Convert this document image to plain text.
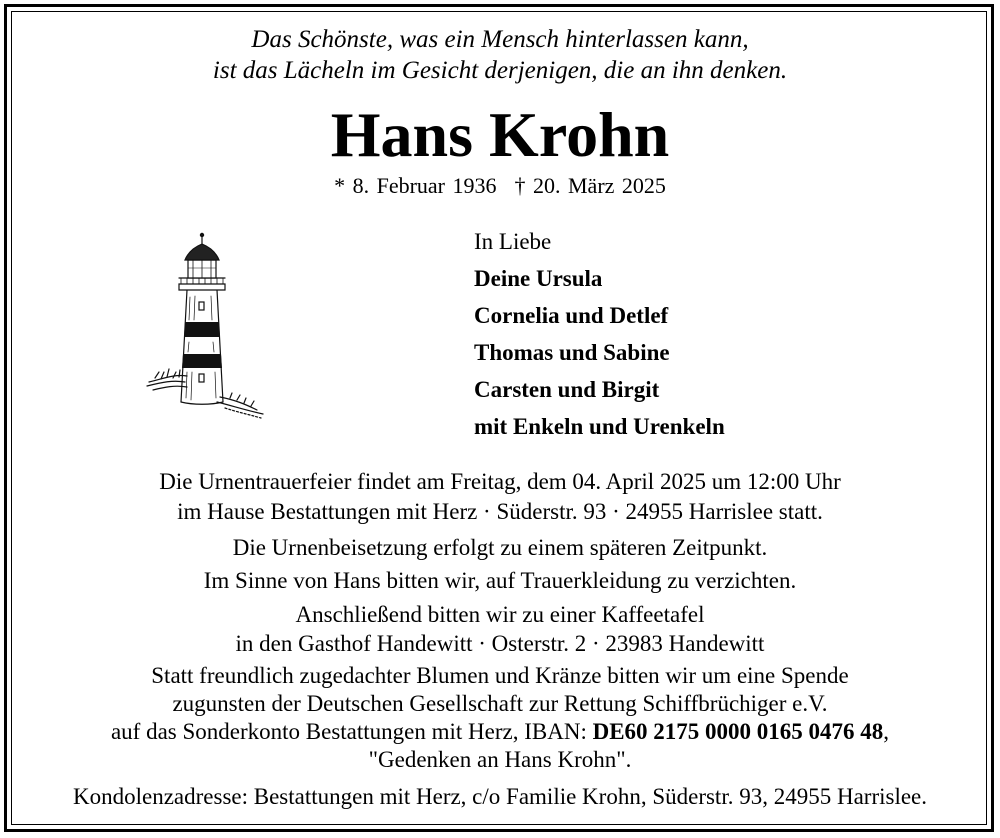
Das Schönste, was ein Mensch hinterlassen kann,
ist das Lächeln im Gesicht derjenigen, die an ihn denken.
Hans Krohn
* 8. Februar 1936 † 20. März 2025
In Liebe
Deine Ursula
Cornelia und Detlef
Thomas und Sabine
Carsten und Birgit
mit Enkeln und Urenkeln
Die Urnentrauerfeier findet am Freitag, dem 04. April 2025 um 12:00 Uhr
im Hause Bestattungen mit Herz · Süderstr. 93 · 24955 Harrislee statt.
Die Urnenbeisetzung erfolgt zu einem späteren Zeitpunkt.
Im Sinne von Hans bitten wir, auf Trauerkleidung zu verzichten.
Anschließend bitten wir zu einer Kaffeetafel
in den Gasthof Handewitt · Osterstr. 2 · 23983 Handewitt
Statt freundlich zugedachter Blumen und Kränze bitten wir um eine Spende
zugunsten der Deutschen Gesellschaft zur Rettung Schiffbrüchiger e.V.
auf das Sonderkonto Bestattungen mit Herz, IBAN: DE60 2175 0000 0165 0476 48,
"Gedenken an Hans Krohn".
Kondolenzadresse: Bestattungen mit Herz, c/o Familie Krohn, Süderstr. 93, 24955 Harrislee.
